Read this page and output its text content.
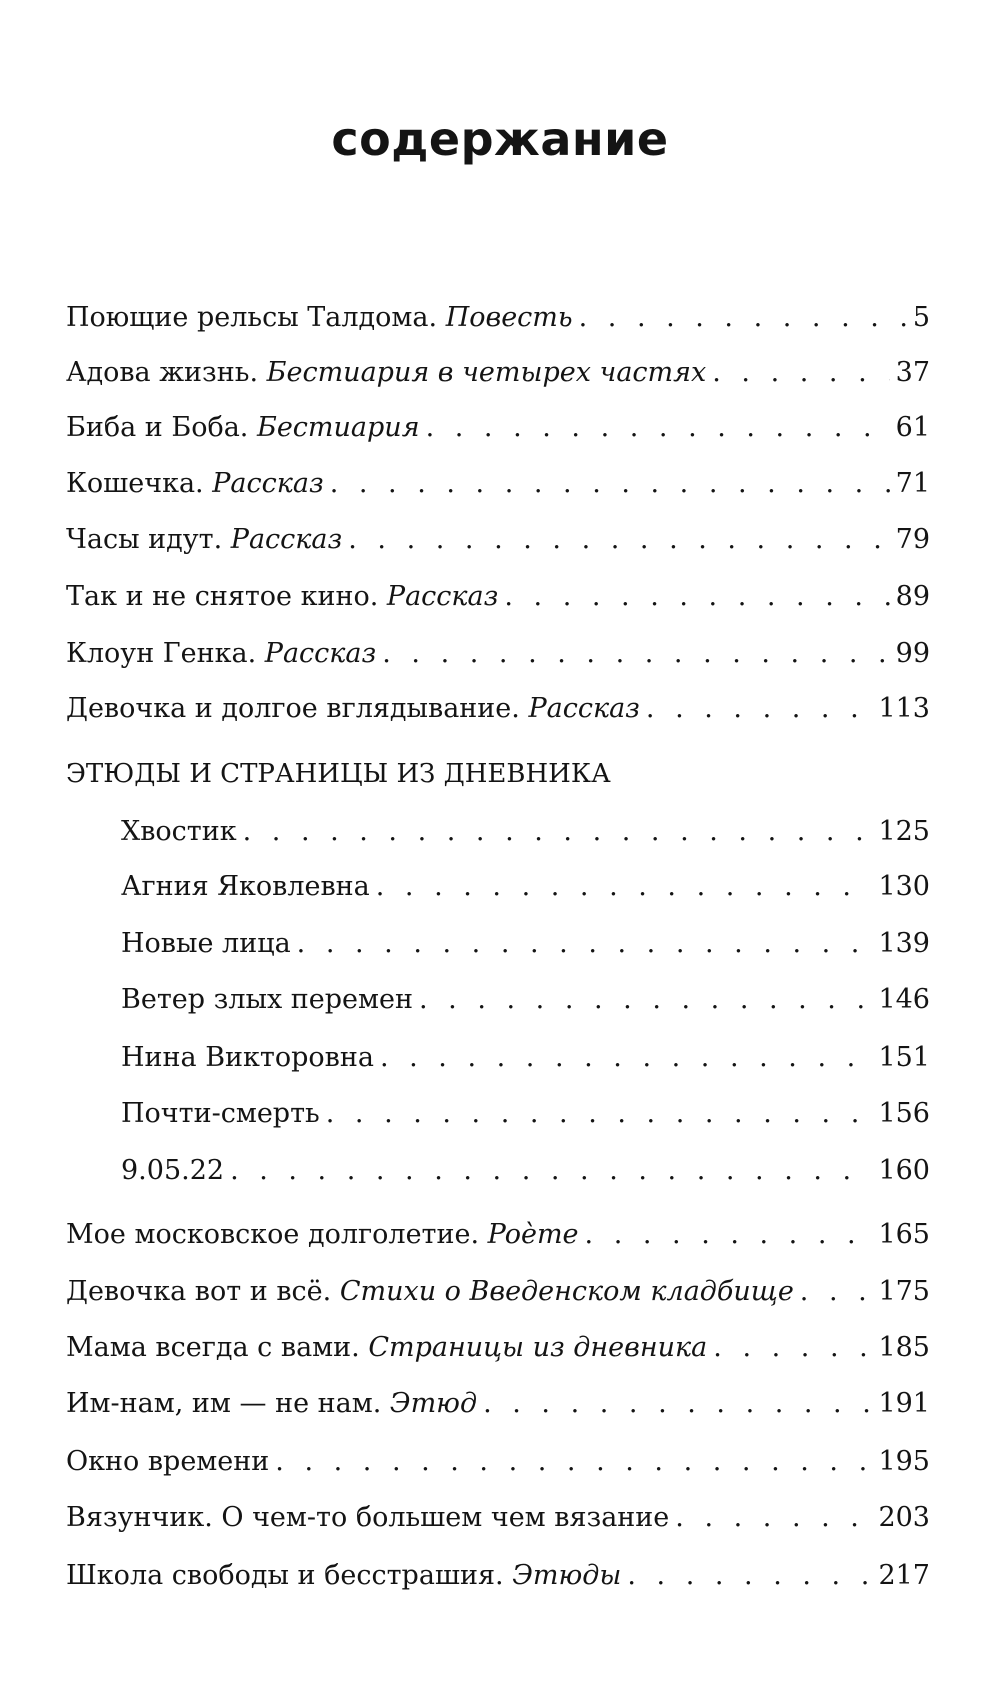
содержание
Поющие рельсы Талдома. Повесть . . .	5
Адова жизнь. Бестиария в четырех частях . . .	37
Биба и Боба. Бестиария . . .	61
Кошечка. Рассказ . . .	71
Часы идут. Рассказ . . .	79
Так и не снятое кино. Рассказ . . .	89
Клоун Генка. Рассказ . . .	99
Девочка и долгое вглядывание. Рассказ . . .	113
ЭТЮДЫ И СТРАНИЦЫ ИЗ ДНЕВНИКА
Хвостик . . .	125
Агния Яковлевна . . .	130
Новые лица . . .	139
Ветер злых перемен . . .	146
Нина Викторовна . . .	151
Почти-смерть . . .	156
9.05.22 . . .	160
Мое московское долголетие. Poème . . .	165
Девочка вот и всё. Стихи о Введенском кладбище . . .	175
Мама всегда с вами. Страницы из дневника . . .	185
Им-нам, им — не нам. Этюд . . .	191
Окно времени . . .	195
Вязунчик. О чем-то большем чем вязание . . .	203
Школа свободы и бесстрашия. Этюды . . .	217
